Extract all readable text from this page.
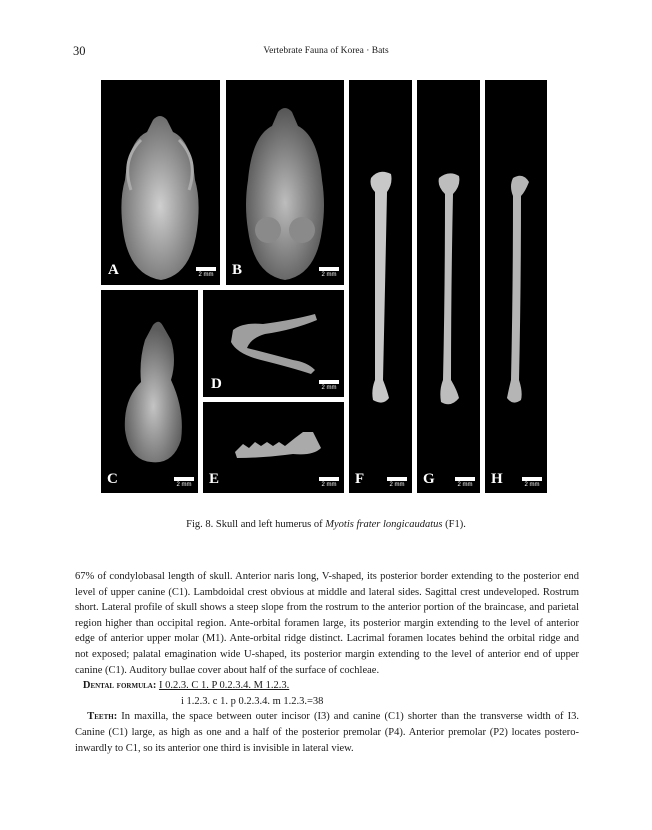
30	Vertebrate Fauna of Korea · Bats
A	2 mm	B	2 mm
C	2 mm
D	2 mm
E	2 mm	F	2 mm	G	2 mm	H	2 mm
Fig. 8. Skull and left humerus of Myotis frater longicaudatus (F1).

67% of condylobasal length of skull. Anterior naris long, V-shaped, its posterior border extending to the posterior end level of upper canine (C1). Lambdoidal crest obvious at middle and lateral sides. Sagittal crest undeveloped. Rostrum short. Lateral profile of skull shows a steep slope from the rostrum to the anterior portion of the braincase, and parietal region higher than occipital region. Ante-orbital foramen large, its posterior margin extending to the level of anterior edge of anterior upper molar (M1). Ante-orbital ridge distinct. Lacrimal foramen locates behind the orbital ridge and not exposed; palatal emagination wide U-shaped, its posterior margin extending to the level of anterior end of upper canine (C1). Auditory bullae cover about half of the surface of cochleae.

Dental formula: I 0.2.3. C 1. P 0.2.3.4. M 1.2.3.
i 1.2.3. c 1. p 0.2.3.4. m 1.2.3.=38

Teeth: In maxilla, the space between outer incisor (I3) and canine (C1) shorter than the transverse width of I3. Canine (C1) large, as high as one and a half of the posterior premolar (P4). Anterior premolar (P2) locates postero-inwardly to C1, so its anterior one third is invisible in lateral view.
